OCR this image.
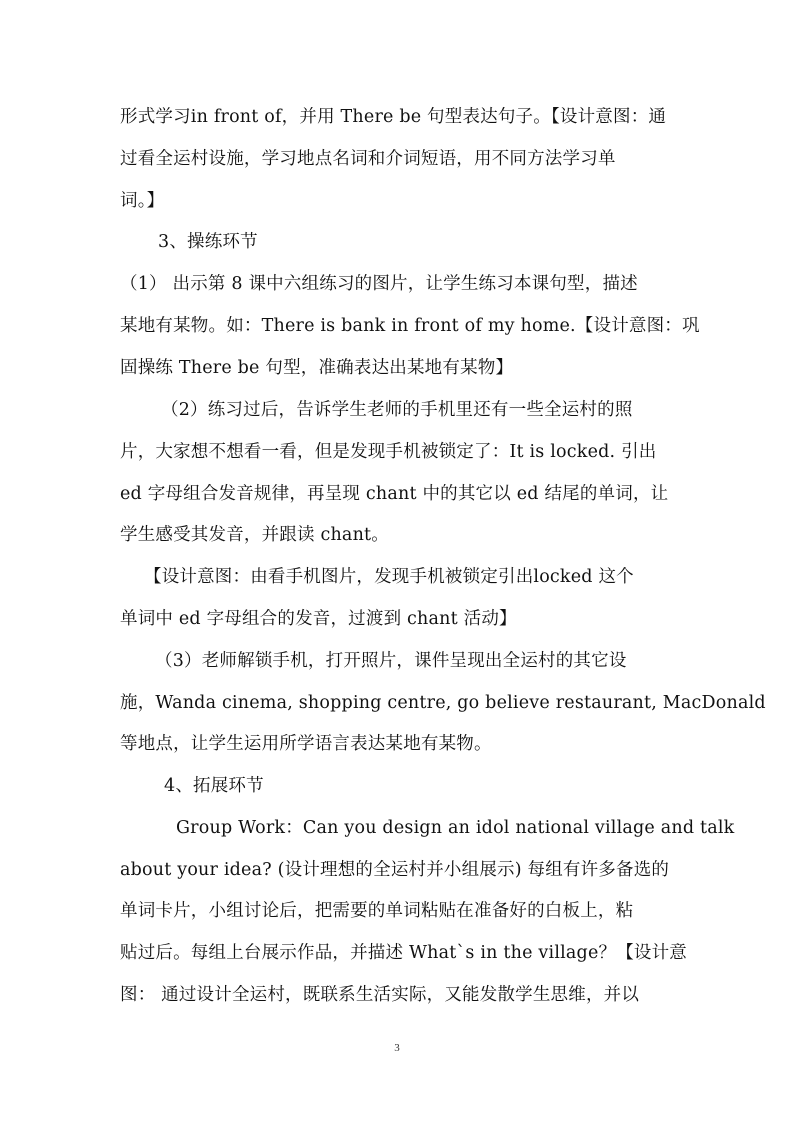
形式学习in front of，并用 There be 句型表达句子。【设计意图：通
过看全运村设施，学习地点名词和介词短语，用不同方法学习单
词。】
3、操练环节
（1） 出示第 8 课中六组练习的图片，让学生练习本课句型，描述
某地有某物。如：There is bank in front of my home.【设计意图：巩
固操练 There be 句型，准确表达出某地有某物】
（2）练习过后，告诉学生老师的手机里还有一些全运村的照
片，大家想不想看一看，但是发现手机被锁定了：It is locked. 引出
ed 字母组合发音规律，再呈现 chant 中的其它以 ed 结尾的单词，让
学生感受其发音，并跟读 chant。
【设计意图：由看手机图片，发现手机被锁定引出locked 这个
单词中 ed 字母组合的发音，过渡到 chant 活动】
（3）老师解锁手机，打开照片，课件呈现出全运村的其它设
施，Wanda cinema, shopping centre, go believe restaurant, MacDonald
等地点，让学生运用所学语言表达某地有某物。
4、拓展环节
Group Work：Can you design an idol national village and talk
about your idea? (设计理想的全运村并小组展示) 每组有许多备选的
单词卡片，小组讨论后，把需要的单词粘贴在准备好的白板上，粘
贴过后。每组上台展示作品，并描述 What`s in the village？【设计意
图： 通过设计全运村，既联系生活实际，又能发散学生思维，并以
3
